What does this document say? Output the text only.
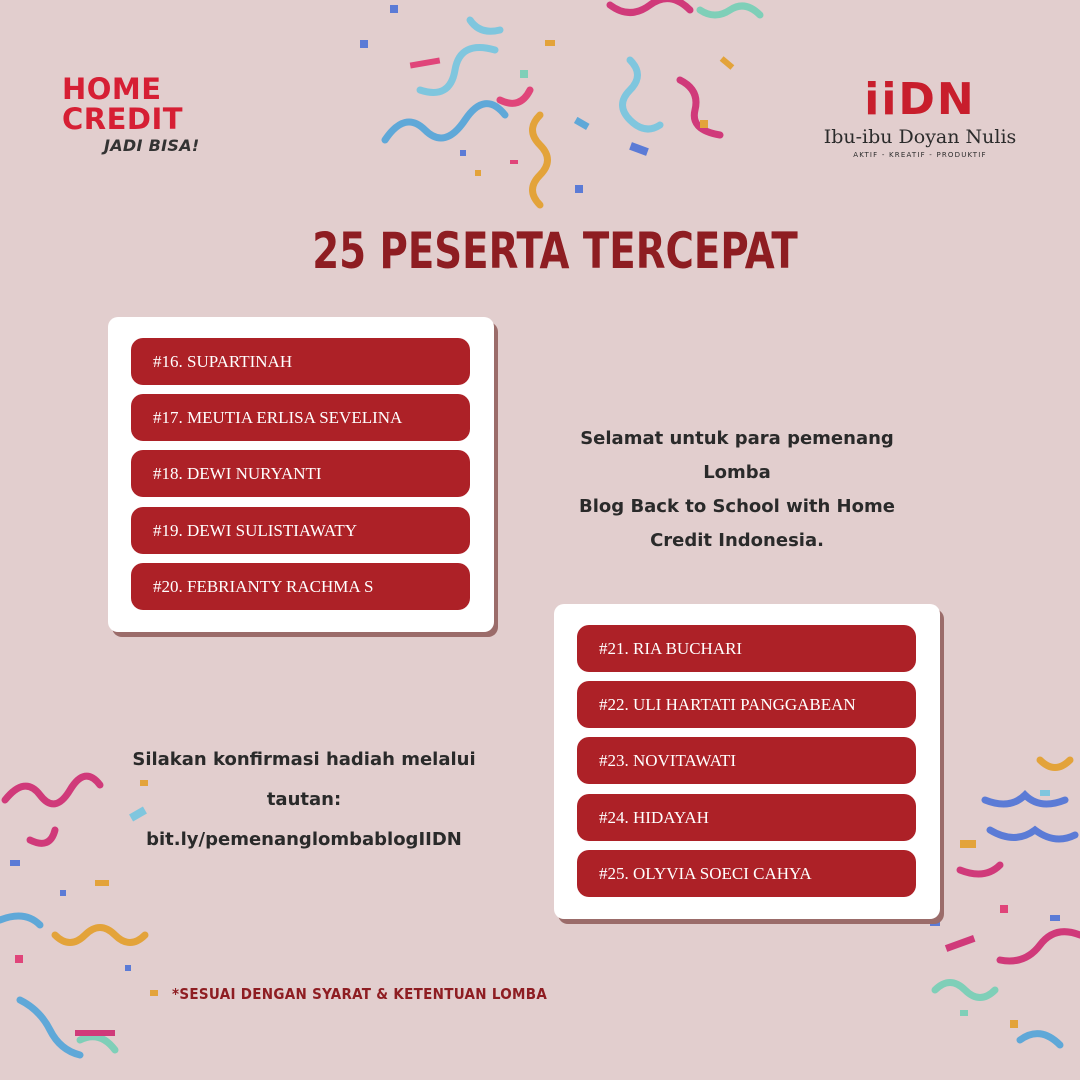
HOME
CREDIT
JADI BISA!
iiDN
Ibu-ibu Doyan Nulis
AKTIF - KREATIF - PRODUKTIF
25 PESERTA TERCEPAT
#16. SUPARTINAH
#17. MEUTIA ERLISA SEVELINA
#18. DEWI NURYANTI
#19. DEWI SULISTIAWATY
#20. FEBRIANTY RACHMA S
Selamat untuk para pemenang Lomba
Blog Back to School with Home
Credit Indonesia.
#21. RIA BUCHARI
#22. ULI HARTATI PANGGABEAN
#23. NOVITAWATI
#24. HIDAYAH
#25. OLYVIA SOECI CAHYA
Silakan konfirmasi hadiah melalui tautan:
bit.ly/pemenanglombablogIIDN
*SESUAI DENGAN SYARAT & KETENTUAN LOMBA
